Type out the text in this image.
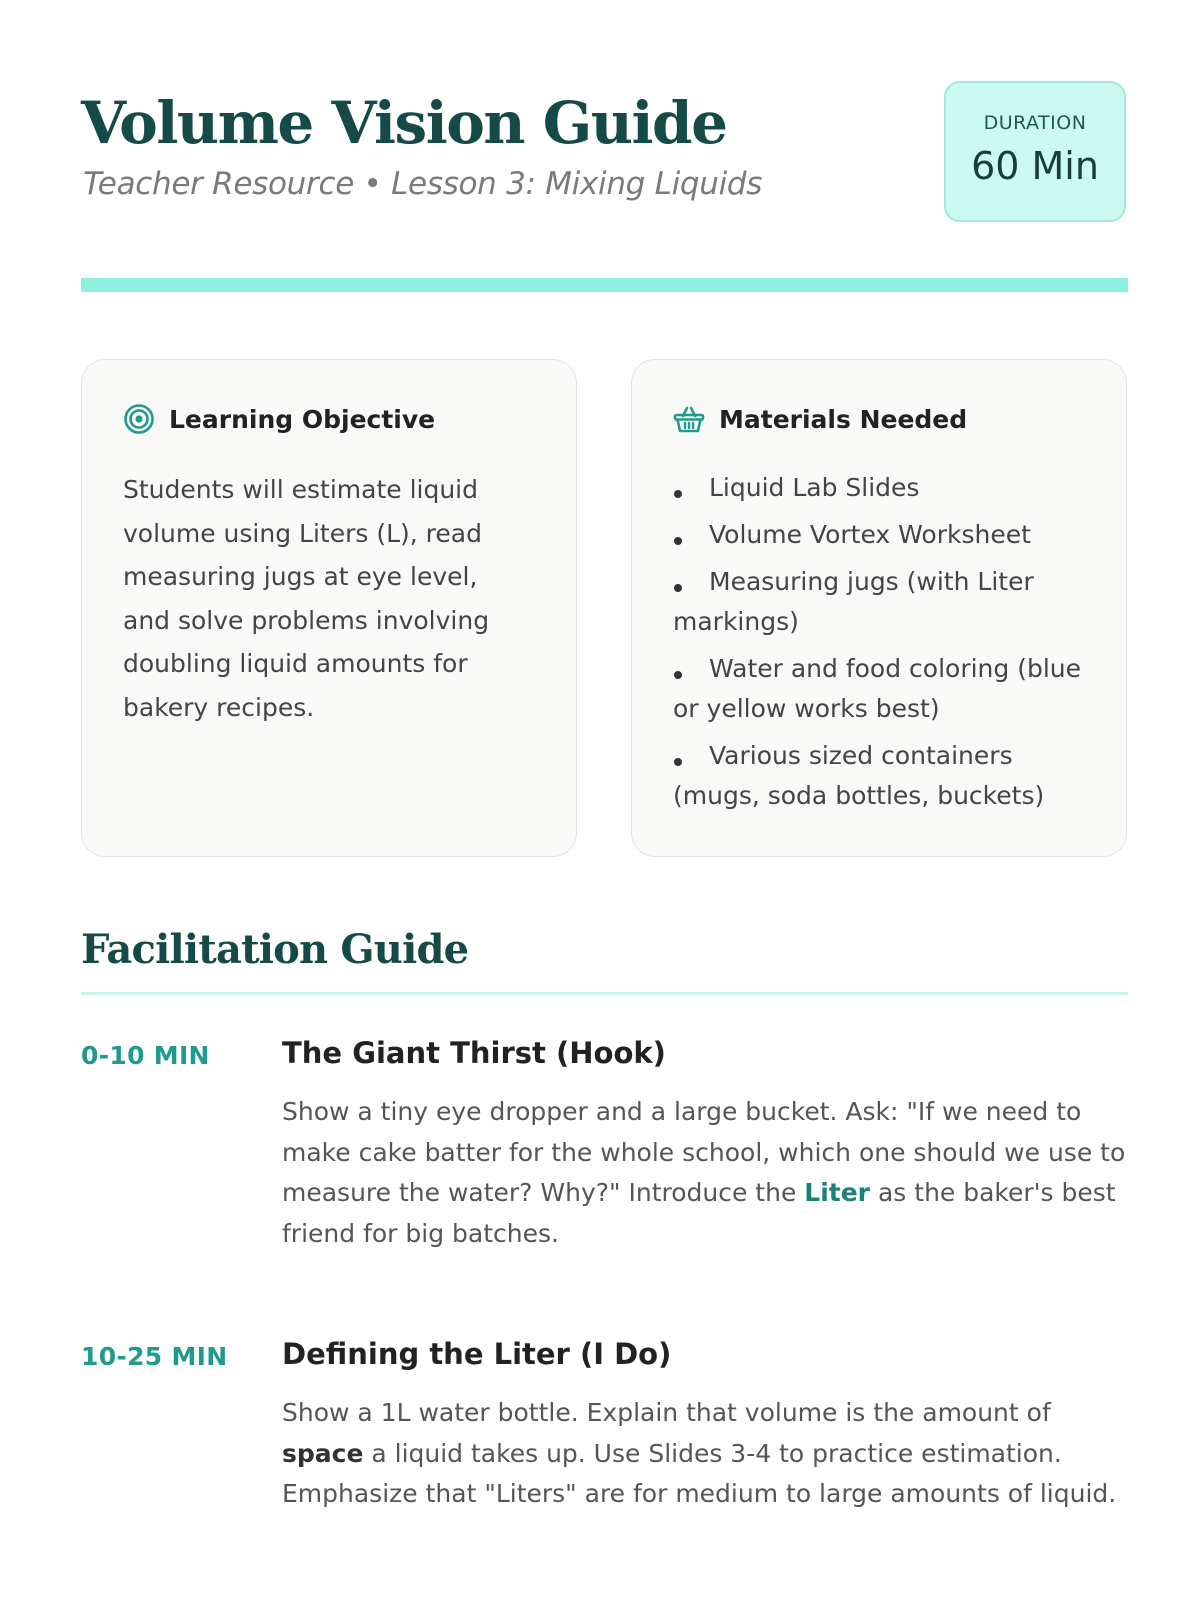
Volume Vision Guide
Teacher Resource • Lesson 3: Mixing Liquids
DURATION
60 Min
Learning Objective
Students will estimate liquid volume using Liters (L), read measuring jugs at eye level, and solve problems involving doubling liquid amounts for bakery recipes.
Materials Needed
Liquid Lab Slides
Volume Vortex Worksheet
Measuring jugs (with Liter markings)
Water and food coloring (blue or yellow works best)
Various sized containers (mugs, soda bottles, buckets)
Facilitation Guide
0-10 MIN The Giant Thirst (Hook)
Show a tiny eye dropper and a large bucket. Ask: "If we need to make cake batter for the whole school, which one should we use to measure the water? Why?" Introduce the Liter as the baker's best friend for big batches.
10-25 MIN Defining the Liter (I Do)
Show a 1L water bottle. Explain that volume is the amount of space a liquid takes up. Use Slides 3-4 to practice estimation. Emphasize that "Liters" are for medium to large amounts of liquid.
